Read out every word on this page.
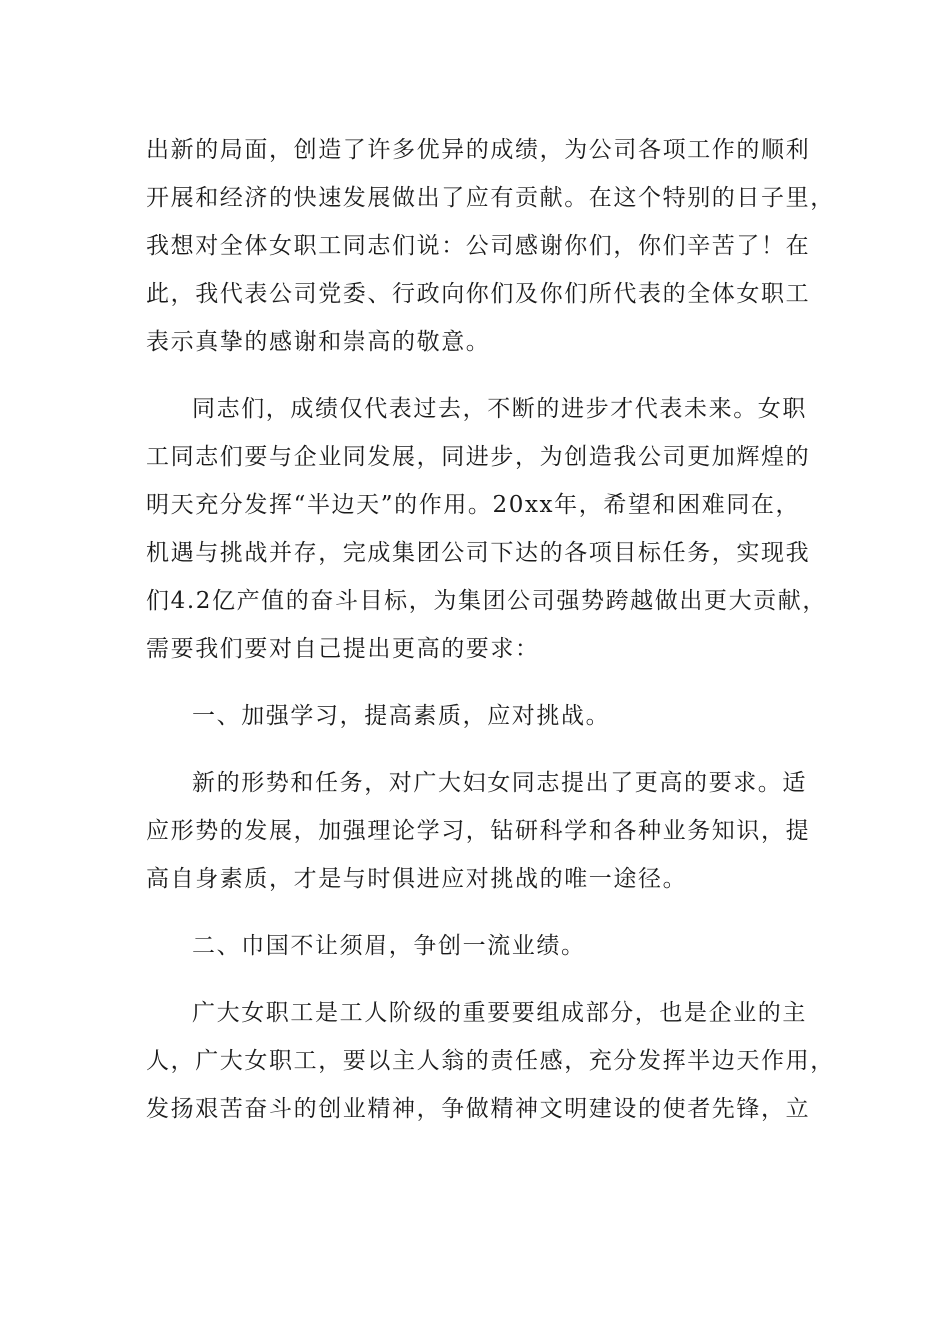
出新的局面，创造了许多优异的成绩，为公司各项工作的顺利
开展和经济的快速发展做出了应有贡献。在这个特别的日子里，
我想对全体女职工同志们说：公司感谢你们，你们辛苦了！在
此，我代表公司党委、行政向你们及你们所代表的全体女职工
表示真挚的感谢和崇高的敬意。
同志们，成绩仅代表过去，不断的进步才代表未来。女职
工同志们要与企业同发展，同进步，为创造我公司更加辉煌的
明天充分发挥“半边天”的作用。20xx年，希望和困难同在，
机遇与挑战并存，完成集团公司下达的各项目标任务，实现我
们4.2亿产值的奋斗目标，为集团公司强势跨越做出更大贡献，
需要我们要对自己提出更高的要求：
一、加强学习，提高素质，应对挑战。
新的形势和任务，对广大妇女同志提出了更高的要求。适
应形势的发展，加强理论学习，钻研科学和各种业务知识，提
高自身素质，才是与时俱进应对挑战的唯一途径。
二、巾国不让须眉，争创一流业绩。
广大女职工是工人阶级的重要要组成部分，也是企业的主
人，广大女职工，要以主人翁的责任感，充分发挥半边天作用，
发扬艰苦奋斗的创业精神，争做精神文明建设的使者先锋，立
